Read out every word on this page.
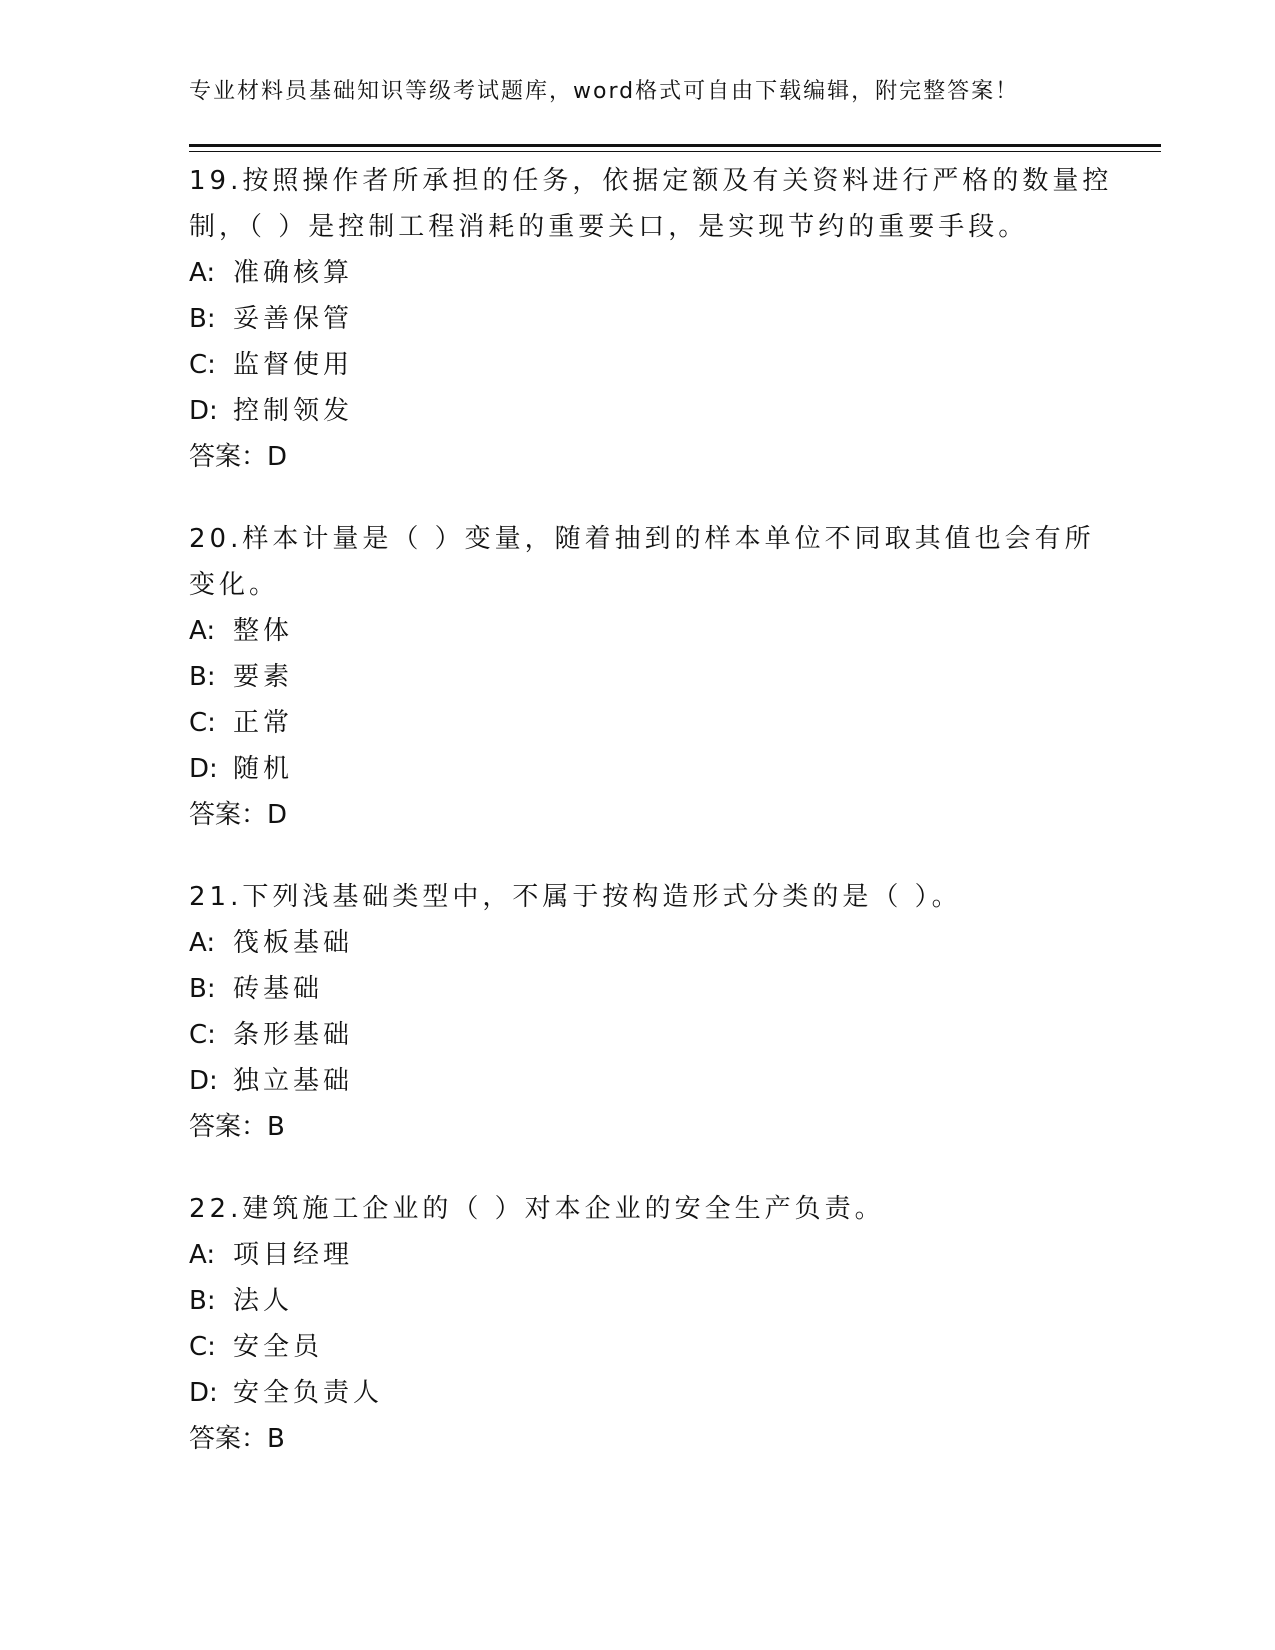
专业材料员基础知识等级考试题库，word格式可自由下载编辑，附完整答案！
19.按照操作者所承担的任务，依据定额及有关资料进行严格的数量控
制，（ ）是控制工程消耗的重要关口，是实现节约的重要手段。
A: 准确核算
B: 妥善保管
C: 监督使用
D: 控制领发
答案：D
20.样本计量是（ ）变量，随着抽到的样本单位不同取其值也会有所
变化。
A: 整体
B: 要素
C: 正常
D: 随机
答案：D
21.下列浅基础类型中，不属于按构造形式分类的是（ ）。
A: 筏板基础
B: 砖基础
C: 条形基础
D: 独立基础
答案：B
22.建筑施工企业的（ ）对本企业的安全生产负责。
A: 项目经理
B: 法人
C: 安全员
D: 安全负责人
答案：B
